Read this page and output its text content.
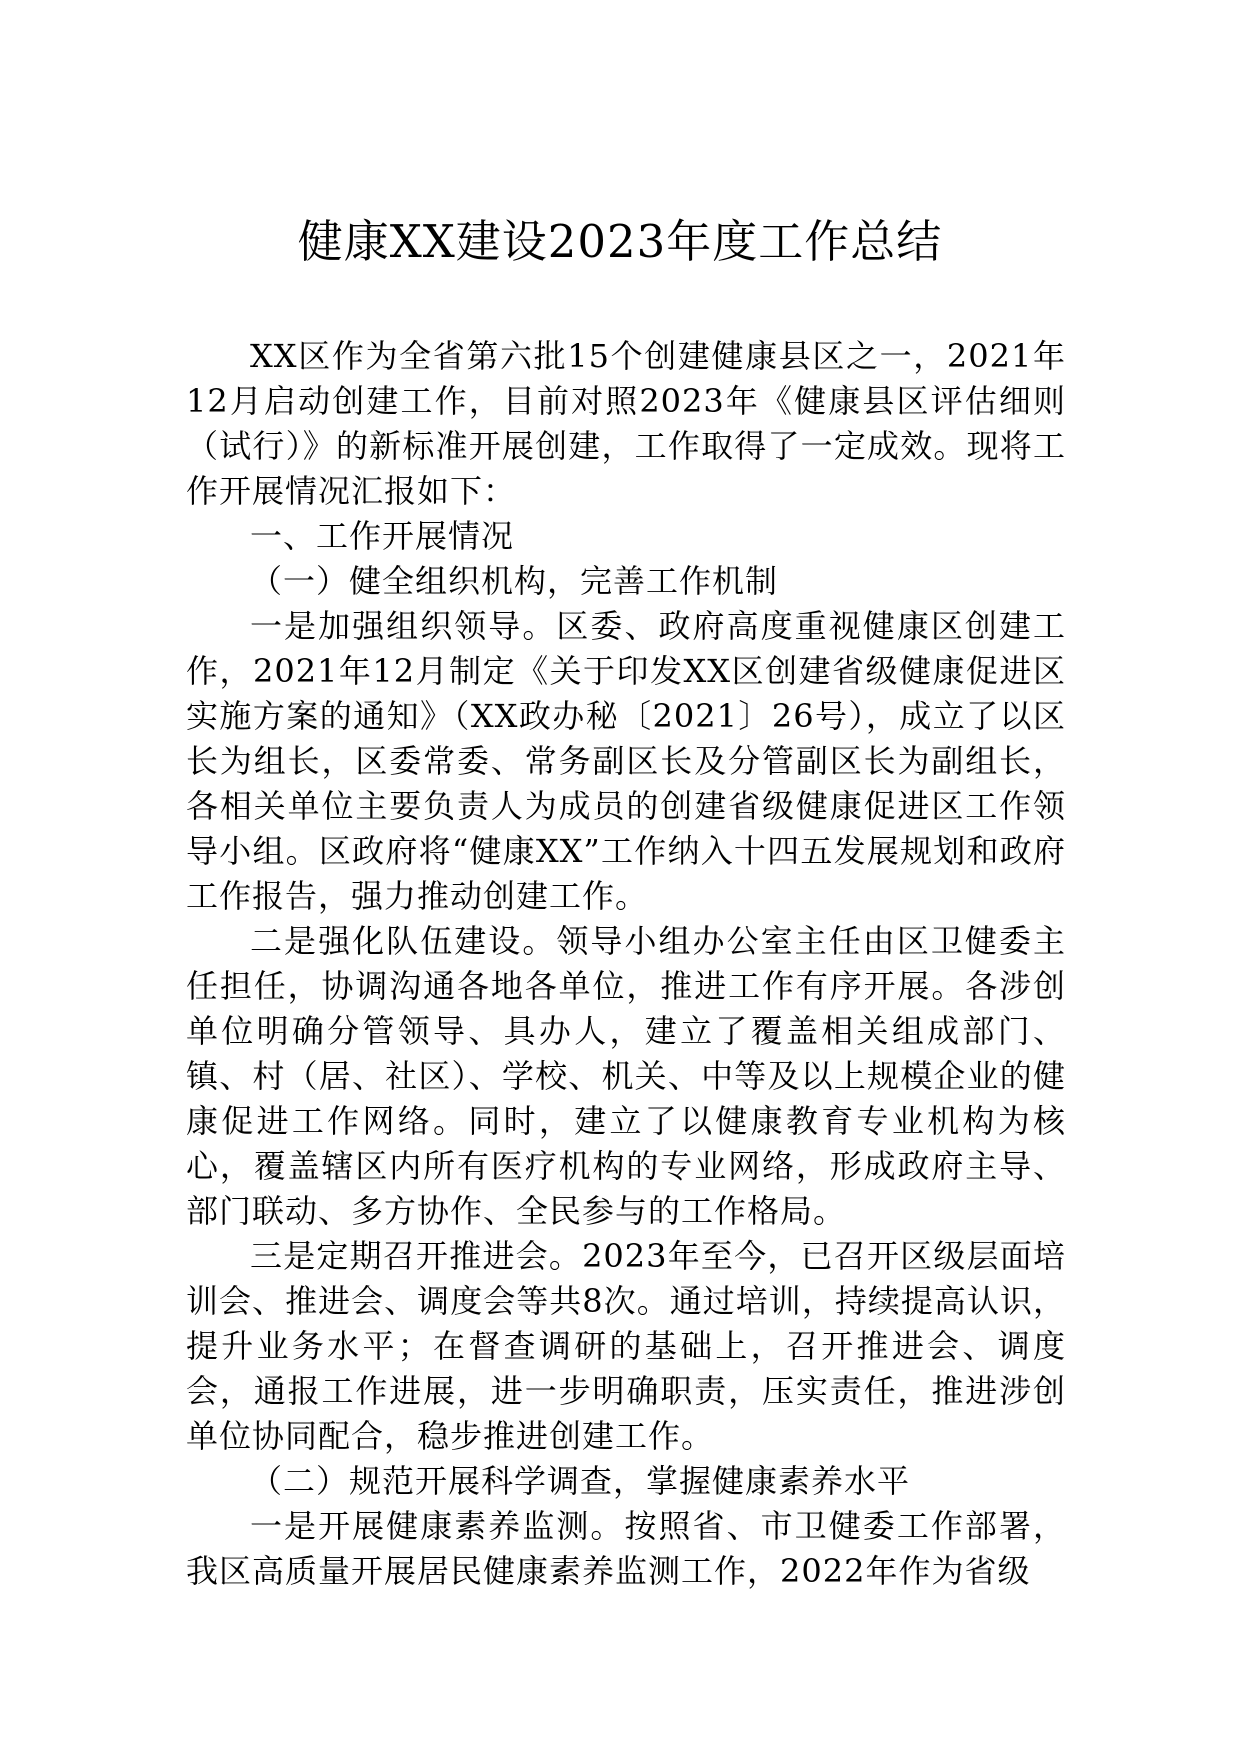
健康XX建设2023年度工作总结

XX区作为全省第六批15个创建健康县区之一，2021年12月启动创建工作，目前对照2023年《健康县区评估细则（试行）》的新标准开展创建，工作取得了一定成效。现将工作开展情况汇报如下：

一、工作开展情况

（一）健全组织机构，完善工作机制

一是加强组织领导。区委、政府高度重视健康区创建工作，2021年12月制定《关于印发XX区创建省级健康促进区实施方案的通知》（XX政办秘〔2021〕26号），成立了以区长为组长，区委常委、常务副区长及分管副区长为副组长，各相关单位主要负责人为成员的创建省级健康促进区工作领导小组。区政府将“健康XX”工作纳入十四五发展规划和政府工作报告，强力推动创建工作。

二是强化队伍建设。领导小组办公室主任由区卫健委主任担任，协调沟通各地各单位，推进工作有序开展。各涉创单位明确分管领导、具办人，建立了覆盖相关组成部门、镇、村（居、社区）、学校、机关、中等及以上规模企业的健康促进工作网络。同时，建立了以健康教育专业机构为核心，覆盖辖区内所有医疗机构的专业网络，形成政府主导、部门联动、多方协作、全民参与的工作格局。

三是定期召开推进会。2023年至今，已召开区级层面培训会、推进会、调度会等共8次。通过培训，持续提高认识，提升业务水平；在督查调研的基础上，召开推进会、调度会，通报工作进展，进一步明确职责，压实责任，推进涉创单位协同配合，稳步推进创建工作。

（二）规范开展科学调查，掌握健康素养水平

一是开展健康素养监测。按照省、市卫健委工作部署，我区高质量开展居民健康素养监测工作，2022年作为省级
